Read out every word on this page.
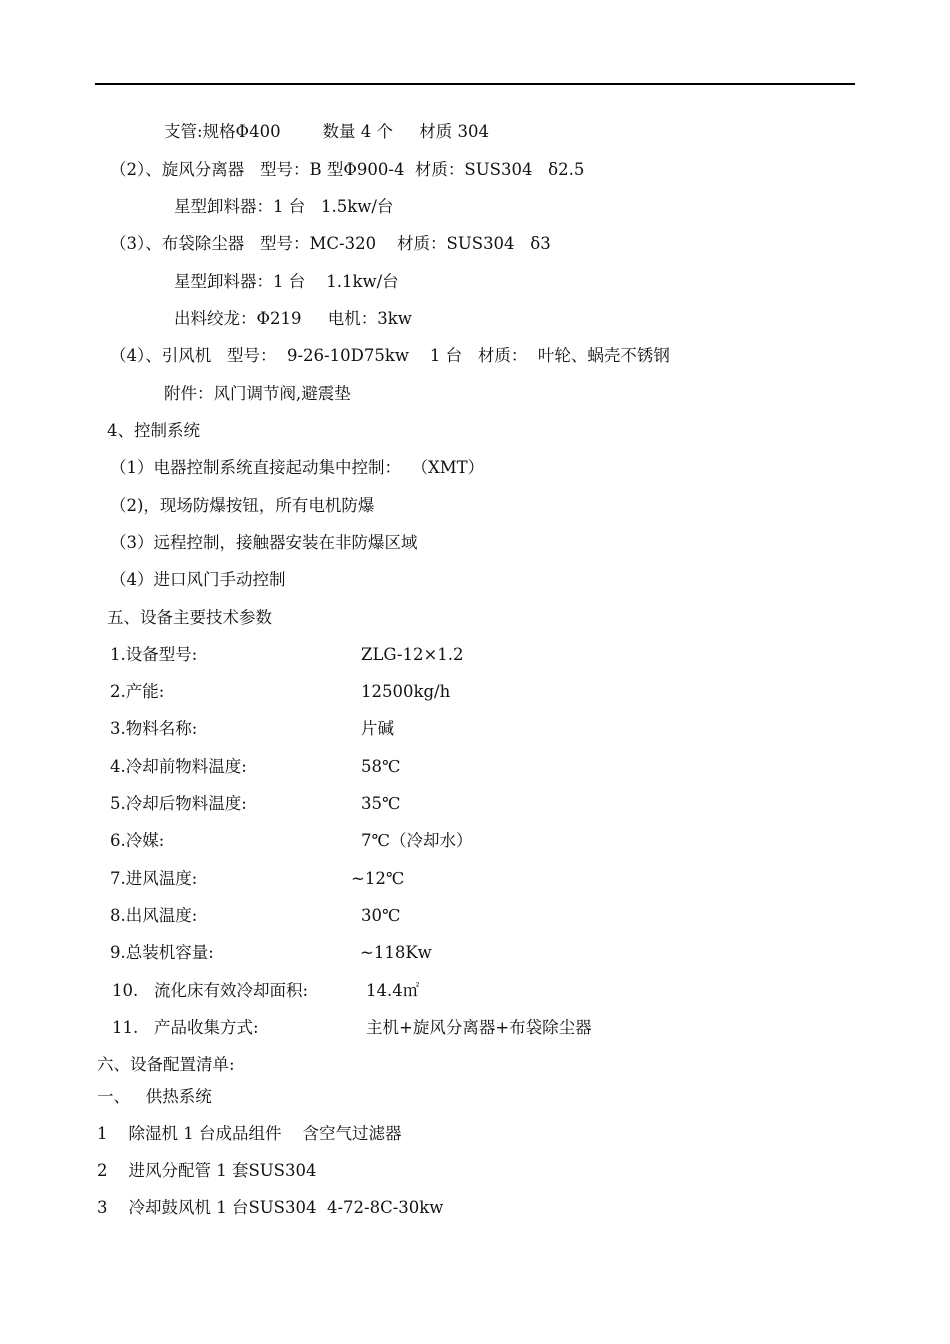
支管:规格Φ400        数量 4 个     材质 304
（2）、旋风分离器   型号：B 型Φ900-4  材质：SUS304   δ2.5
星型卸料器：1 台   1.5kw/台
（3）、布袋除尘器   型号：MC-320    材质：SUS304   δ3
星型卸料器：1 台    1.1kw/台
出料绞龙：Φ219     电机：3kw
（4）、引风机   型号：  9-26-10D75kw    1 台   材质：  叶轮、蜗壳不锈钢
附件：风门调节阀,避震垫
4、控制系统
（1）电器控制系统直接起动集中控制：  （XMT）
（2)，现场防爆按钮，所有电机防爆
（3）远程控制，接触器安装在非防爆区域
（4）进口风门手动控制
五、设备主要技术参数
1.设备型号:	ZLG-12×1.2
2.产能:	12500kg/h
3.物料名称:	片碱
4.冷却前物料温度:	58℃
5.冷却后物料温度:	35℃
6.冷媒:	7℃（冷却水）
7.进风温度:	~12℃
8.出风温度:	30℃
9.总装机容量:	~118Kw
10.   流化床有效冷却面积:	14.4㎡
11.   产品收集方式:	主机+旋风分离器+布袋除尘器
六、设备配置清单:
一、   供热系统
1    除湿机 1 台成品组件    含空气过滤器
2    进风分配管 1 套SUS304
3    冷却鼓风机 1 台SUS304  4-72-8C-30kw
